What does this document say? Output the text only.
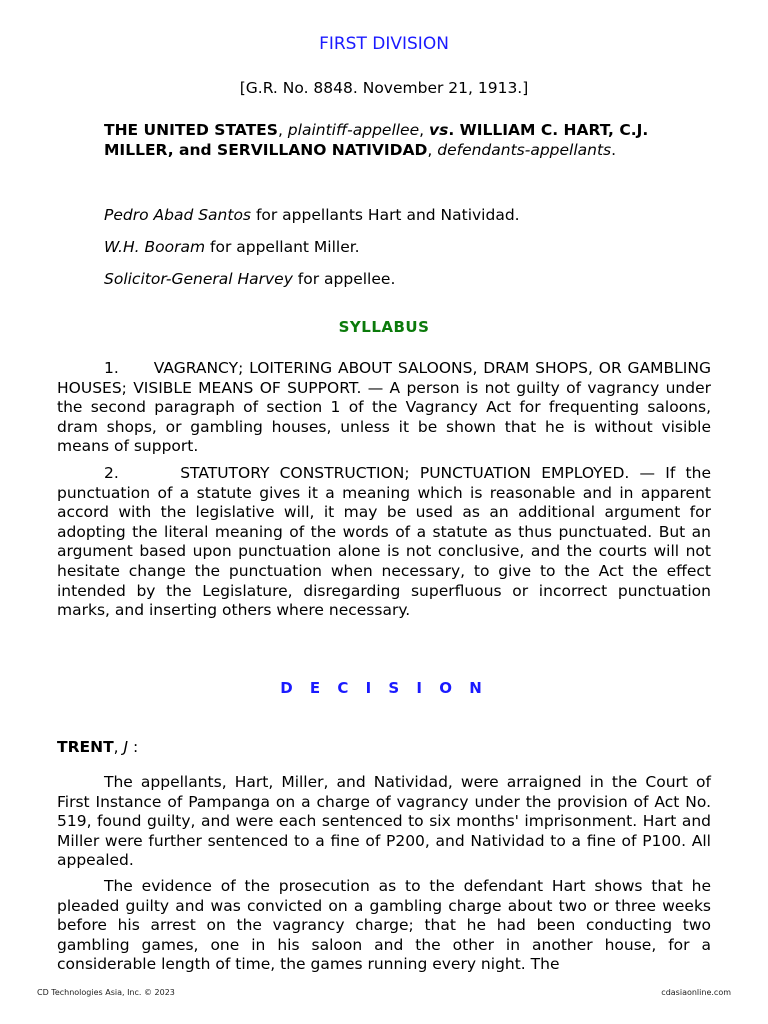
FIRST DIVISION
[G.R. No. 8848. November 21, 1913.]
THE UNITED STATES, plaintiff-appellee, vs. WILLIAM C. HART, C.J. MILLER, and SERVILLANO NATIVIDAD, defendants-appellants.
Pedro Abad Santos for appellants Hart and Natividad.
W.H. Booram for appellant Miller.
Solicitor-General Harvey for appellee.
SYLLABUS
1.      VAGRANCY; LOITERING ABOUT SALOONS, DRAM SHOPS, OR GAMBLING HOUSES; VISIBLE MEANS OF SUPPORT. — A person is not guilty of vagrancy under the second paragraph of section 1 of the Vagrancy Act for frequenting saloons, dram shops, or gambling houses, unless it be shown that he is without visible means of support.
2.      STATUTORY CONSTRUCTION; PUNCTUATION EMPLOYED. — If the punctuation of a statute gives it a meaning which is reasonable and in apparent accord with the legislative will, it may be used as an additional argument for adopting the literal meaning of the words of a statute as thus punctuated. But an argument based upon punctuation alone is not conclusive, and the courts will not hesitate change the punctuation when necessary, to give to the Act the effect intended by the Legislature, disregarding superfluous or incorrect punctuation marks, and inserting others where necessary.
D E C I S I O N
TRENT, J :
The appellants, Hart, Miller, and Natividad, were arraigned in the Court of First Instance of Pampanga on a charge of vagrancy under the provision of Act No. 519, found guilty, and were each sentenced to six months' imprisonment. Hart and Miller were further sentenced to a fine of P200, and Natividad to a fine of P100. All appealed.
The evidence of the prosecution as to the defendant Hart shows that he pleaded guilty and was convicted on a gambling charge about two or three weeks before his arrest on the vagrancy charge; that he had been conducting two gambling games, one in his saloon and the other in another house, for a considerable length of time, the games running every night. The
CD Technologies Asia, Inc. © 2023	cdasiaonline.com
